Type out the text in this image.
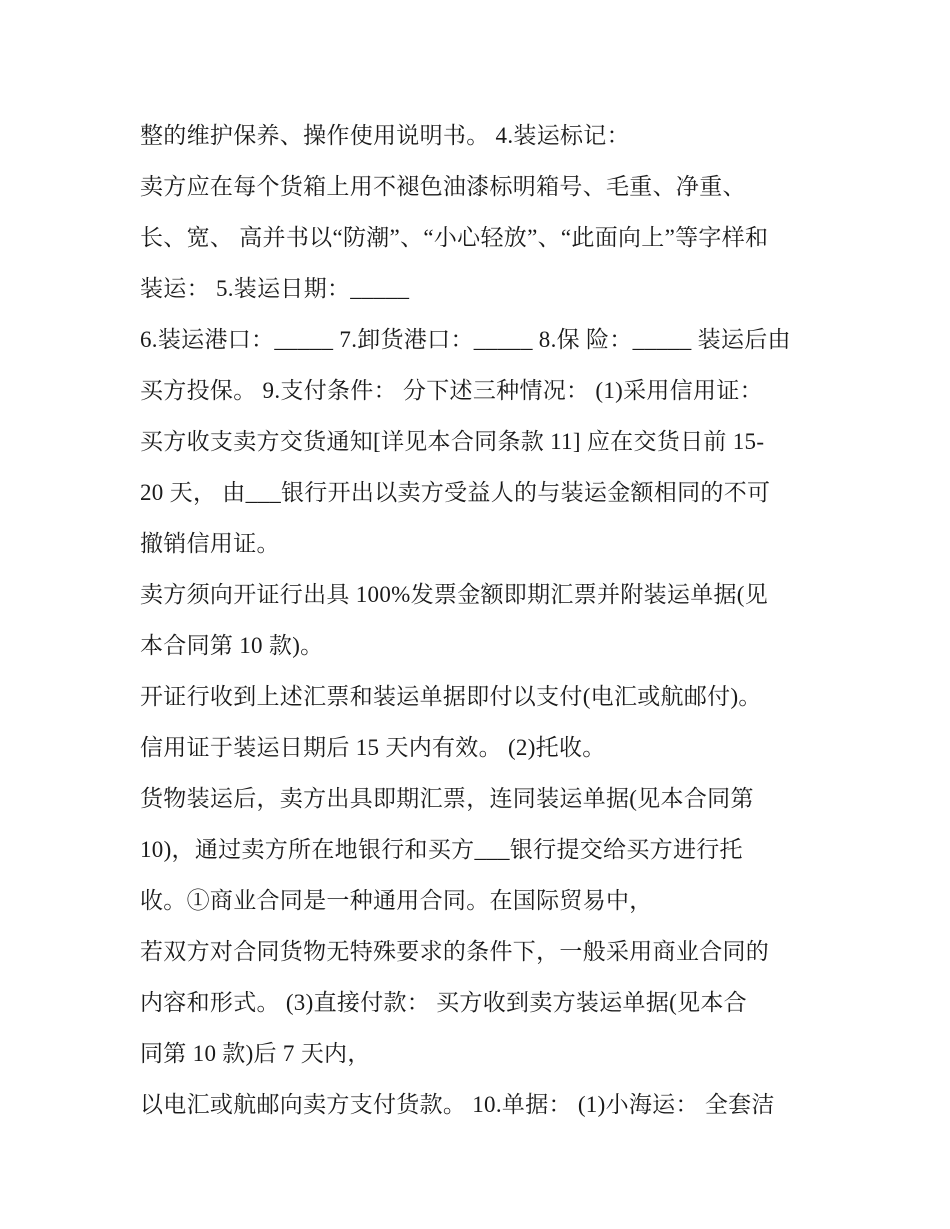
整的维护保养、操作使用说明书。 4.装运标记：
卖方应在每个货箱上用不褪色油漆标明箱号、毛重、净重、
长、宽、 高并书以“防潮”、“小心轻放”、“此面向上”等字样和
装运： 5.装运日期：_____
6.装运港口：_____ 7.卸货港口：_____ 8.保 险：_____ 装运后由
买方投保。 9.支付条件： 分下述三种情况： (1)采用信用证：
买方收支卖方交货通知[详见本合同条款 11] 应在交货日前 15-
20 天， 由___银行开出以卖方受益人的与装运金额相同的不可
撤销信用证。
卖方须向开证行出具 100%发票金额即期汇票并附装运单据(见
本合同第 10 款)。
开证行收到上述汇票和装运单据即付以支付(电汇或航邮付)。
信用证于装运日期后 15 天内有效。 (2)托收。
货物装运后，卖方出具即期汇票，连同装运单据(见本合同第
10)，通过卖方所在地银行和买方___银行提交给买方进行托
收。①商业合同是一种通用合同。在国际贸易中，
若双方对合同货物无特殊要求的条件下，一般采用商业合同的
内容和形式。 (3)直接付款： 买方收到卖方装运单据(见本合
同第 10 款)后 7 天内，
以电汇或航邮向卖方支付货款。 10.单据： (1)小海运： 全套洁
